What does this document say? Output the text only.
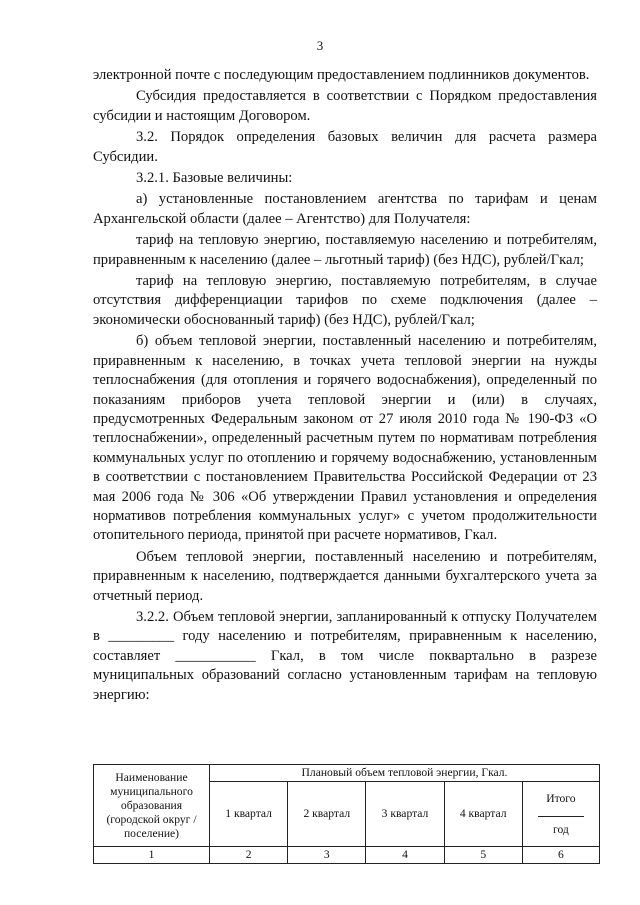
3

электронной почте с последующим предоставлением подлинников документов.

Субсидия предоставляется в соответствии с Порядком предоставления субсидии и настоящим Договором.

3.2. Порядок определения базовых величин для расчета размера Субсидии.

3.2.1. Базовые величины:

а) установленные постановлением агентства по тарифам и ценам Архангельской области (далее – Агентство) для Получателя:

тариф на тепловую энергию, поставляемую населению и потребителям, приравненным к населению (далее – льготный тариф) (без НДС), рублей/Гкал;

тариф на тепловую энергию, поставляемую потребителям, в случае отсутствия дифференциации тарифов по схеме подключения (далее – экономически обоснованный тариф) (без НДС), рублей/Гкал;

б) объем тепловой энергии, поставленный населению и потребителям, приравненным к населению, в точках учета тепловой энергии на нужды теплоснабжения (для отопления и горячего водоснабжения), определенный по показаниям приборов учета тепловой энергии и (или) в случаях, предусмотренных Федеральным законом от 27 июля 2010 года № 190-ФЗ «О теплоснабжении», определенный расчетным путем по нормативам потребления коммунальных услуг по отоплению и горячему водоснабжению, установленным в соответствии с постановлением Правительства Российской Федерации от 23 мая 2006 года № 306 «Об утверждении Правил установления и определения нормативов потребления коммунальных услуг» с учетом продолжительности отопительного периода, принятой при расчете нормативов, Гкал.

Объем тепловой энергии, поставленный населению и потребителям, приравненным к населению, подтверждается данными бухгалтерского учета за отчетный период.

3.2.2. Объем тепловой энергии, запланированный к отпуску Получателем в _________ году населению и потребителям, приравненным к населению, составляет ___________ Гкал, в том числе поквартально в разрезе муниципальных образований согласно установленным тарифам на тепловую энергию:

Наименование муниципального образования (городской округ / поселение)	Плановый объем тепловой энергии, Гкал.				
	1 квартал	2 квартал	3 квартал	4 квартал	Итого
год

1	2	3	4	5	6
